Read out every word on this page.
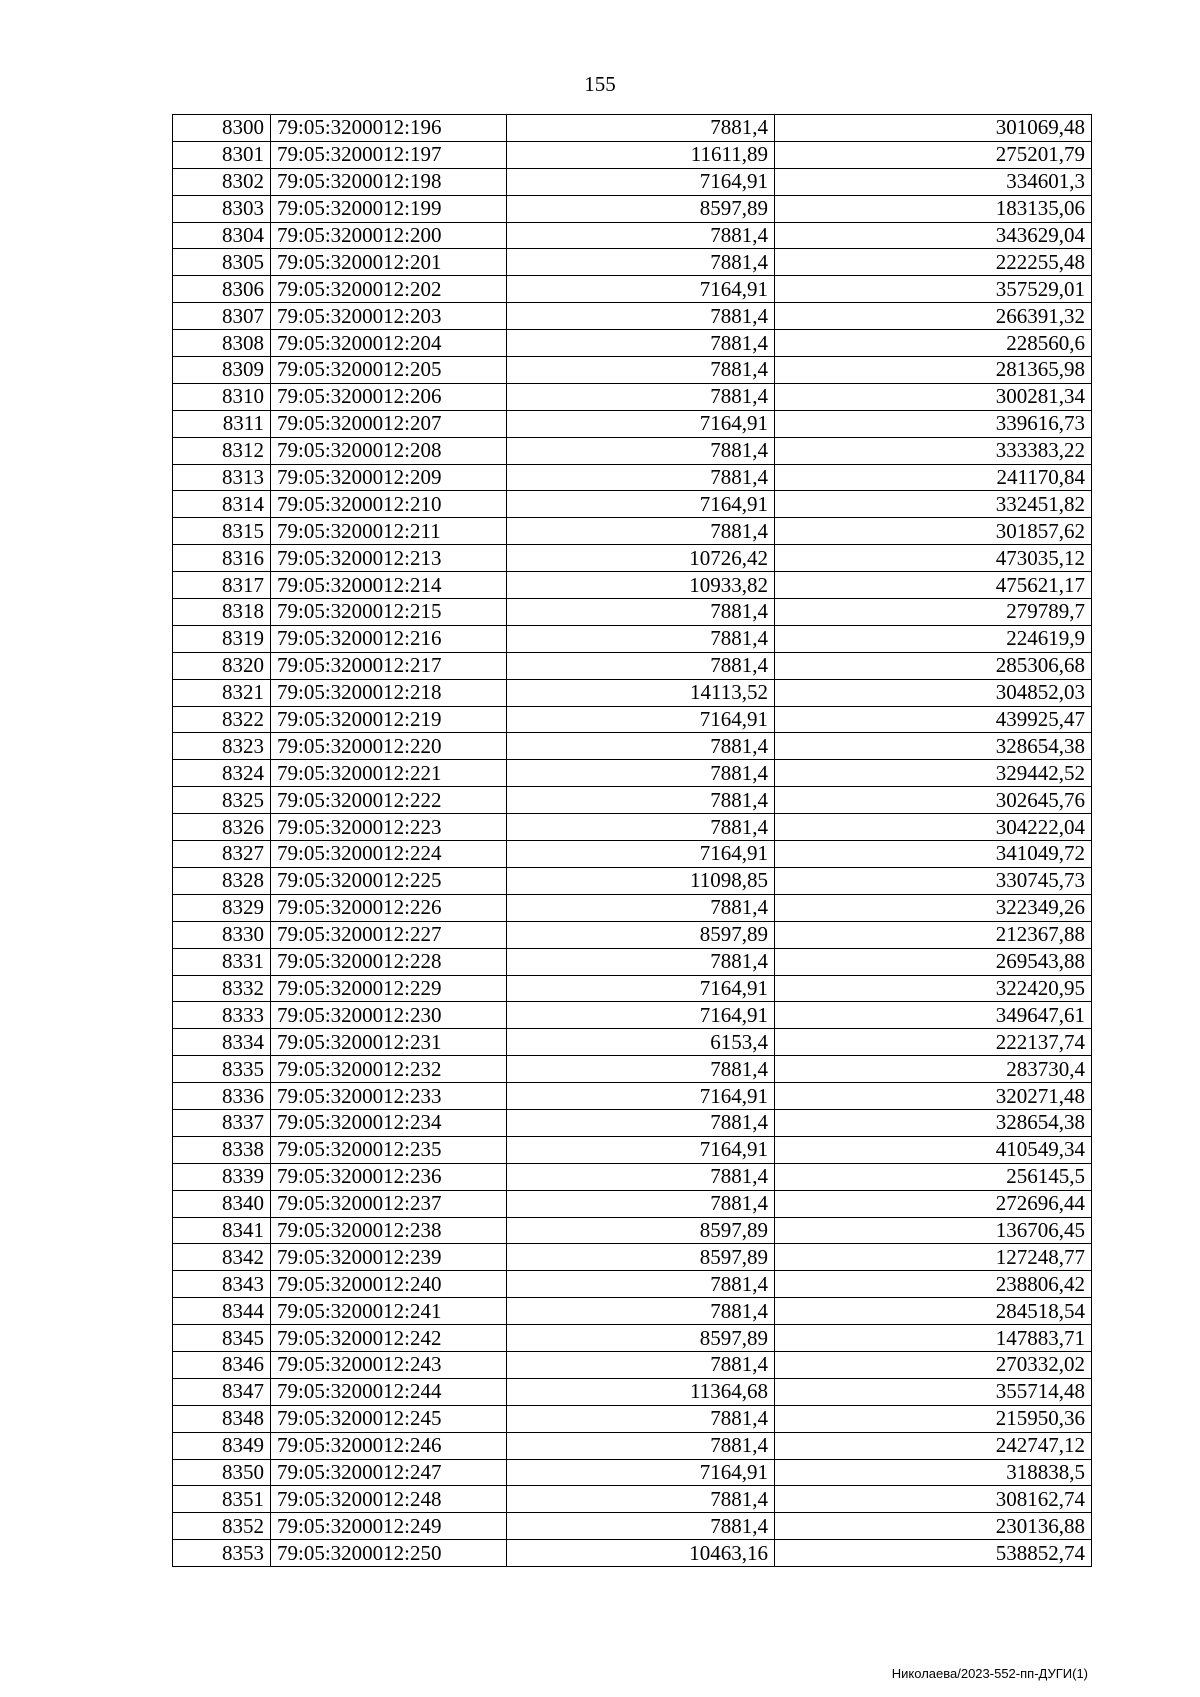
155
8300	79:05:3200012:196	7881,4	301069,48
8301	79:05:3200012:197	11611,89	275201,79
8302	79:05:3200012:198	7164,91	334601,3
8303	79:05:3200012:199	8597,89	183135,06
8304	79:05:3200012:200	7881,4	343629,04
8305	79:05:3200012:201	7881,4	222255,48
8306	79:05:3200012:202	7164,91	357529,01
8307	79:05:3200012:203	7881,4	266391,32
8308	79:05:3200012:204	7881,4	228560,6
8309	79:05:3200012:205	7881,4	281365,98
8310	79:05:3200012:206	7881,4	300281,34
8311	79:05:3200012:207	7164,91	339616,73
8312	79:05:3200012:208	7881,4	333383,22
8313	79:05:3200012:209	7881,4	241170,84
8314	79:05:3200012:210	7164,91	332451,82
8315	79:05:3200012:211	7881,4	301857,62
8316	79:05:3200012:213	10726,42	473035,12
8317	79:05:3200012:214	10933,82	475621,17
8318	79:05:3200012:215	7881,4	279789,7
8319	79:05:3200012:216	7881,4	224619,9
8320	79:05:3200012:217	7881,4	285306,68
8321	79:05:3200012:218	14113,52	304852,03
8322	79:05:3200012:219	7164,91	439925,47
8323	79:05:3200012:220	7881,4	328654,38
8324	79:05:3200012:221	7881,4	329442,52
8325	79:05:3200012:222	7881,4	302645,76
8326	79:05:3200012:223	7881,4	304222,04
8327	79:05:3200012:224	7164,91	341049,72
8328	79:05:3200012:225	11098,85	330745,73
8329	79:05:3200012:226	7881,4	322349,26
8330	79:05:3200012:227	8597,89	212367,88
8331	79:05:3200012:228	7881,4	269543,88
8332	79:05:3200012:229	7164,91	322420,95
8333	79:05:3200012:230	7164,91	349647,61
8334	79:05:3200012:231	6153,4	222137,74
8335	79:05:3200012:232	7881,4	283730,4
8336	79:05:3200012:233	7164,91	320271,48
8337	79:05:3200012:234	7881,4	328654,38
8338	79:05:3200012:235	7164,91	410549,34
8339	79:05:3200012:236	7881,4	256145,5
8340	79:05:3200012:237	7881,4	272696,44
8341	79:05:3200012:238	8597,89	136706,45
8342	79:05:3200012:239	8597,89	127248,77
8343	79:05:3200012:240	7881,4	238806,42
8344	79:05:3200012:241	7881,4	284518,54
8345	79:05:3200012:242	8597,89	147883,71
8346	79:05:3200012:243	7881,4	270332,02
8347	79:05:3200012:244	11364,68	355714,48
8348	79:05:3200012:245	7881,4	215950,36
8349	79:05:3200012:246	7881,4	242747,12
8350	79:05:3200012:247	7164,91	318838,5
8351	79:05:3200012:248	7881,4	308162,74
8352	79:05:3200012:249	7881,4	230136,88
8353	79:05:3200012:250	10463,16	538852,74
Николаева/2023-552-пп-ДУГИ(1)
